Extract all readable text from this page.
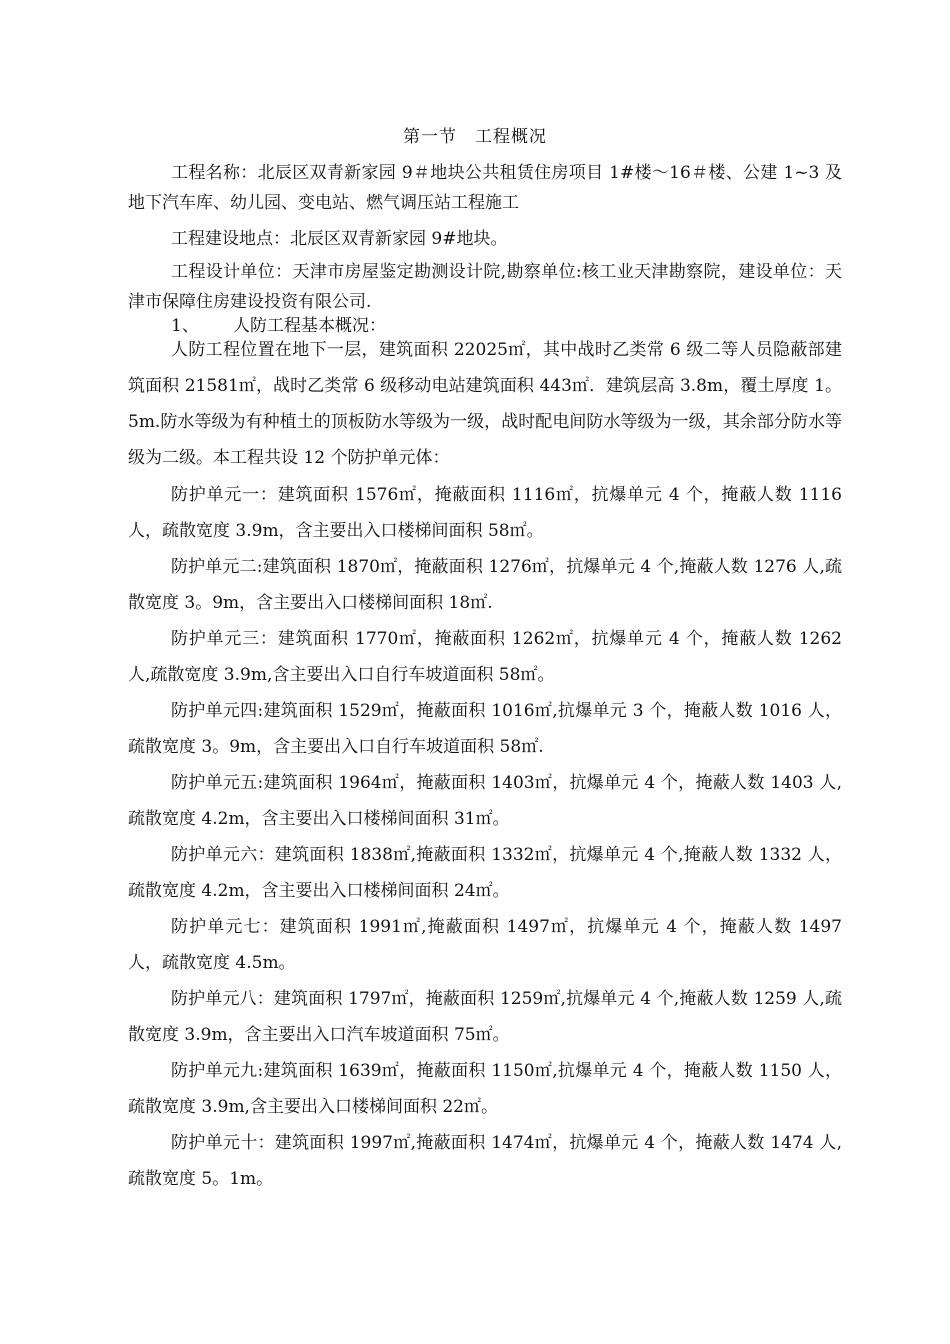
第一节 工程概况
工程名称：北辰区双青新家园 9＃地块公共租赁住房项目 1#楼～16＃楼、公建 1~3 及地下汽车库、幼儿园、变电站、燃气调压站工程施工
工程建设地点：北辰区双青新家园 9#地块。
工程设计单位：天津市房屋鉴定勘测设计院,勘察单位:核工业天津勘察院，建设单位：天津市保障住房建设投资有限公司.
1、 人防工程基本概况：
人防工程位置在地下一层，建筑面积 22025㎡，其中战时乙类常 6 级二等人员隐蔽部建筑面积 21581㎡，战时乙类常 6 级移动电站建筑面积 443㎡．建筑层高 3.8m，覆土厚度 1。5m.防水等级为有种植土的顶板防水等级为一级，战时配电间防水等级为一级，其余部分防水等级为二级。本工程共设 12 个防护单元体：
防护单元一：建筑面积 1576㎡，掩蔽面积 1116㎡，抗爆单元 4 个，掩蔽人数 1116 人，疏散宽度 3.9m，含主要出入口楼梯间面积 58㎡。
防护单元二:建筑面积 1870㎡，掩蔽面积 1276㎡，抗爆单元 4 个,掩蔽人数 1276 人,疏散宽度 3。9m，含主要出入口楼梯间面积 18㎡.
防护单元三：建筑面积 1770㎡，掩蔽面积 1262㎡，抗爆单元 4 个，掩蔽人数 1262 人,疏散宽度 3.9m,含主要出入口自行车坡道面积 58㎡。
防护单元四:建筑面积 1529㎡，掩蔽面积 1016㎡,抗爆单元 3 个，掩蔽人数 1016 人，疏散宽度 3。9m，含主要出入口自行车坡道面积 58㎡.
防护单元五:建筑面积 1964㎡，掩蔽面积 1403㎡，抗爆单元 4 个，掩蔽人数 1403 人,疏散宽度 4.2m，含主要出入口楼梯间面积 31㎡。
防护单元六：建筑面积 1838㎡,掩蔽面积 1332㎡，抗爆单元 4 个,掩蔽人数 1332 人，疏散宽度 4.2m，含主要出入口楼梯间面积 24㎡。
防护单元七：建筑面积 1991㎡,掩蔽面积 1497㎡，抗爆单元 4 个，掩蔽人数 1497 人，疏散宽度 4.5m。
防护单元八：建筑面积 1797㎡，掩蔽面积 1259㎡,抗爆单元 4 个,掩蔽人数 1259 人,疏散宽度 3.9m，含主要出入口汽车坡道面积 75㎡。
防护单元九:建筑面积 1639㎡，掩蔽面积 1150㎡,抗爆单元 4 个，掩蔽人数 1150 人，疏散宽度 3.9m,含主要出入口楼梯间面积 22㎡。
防护单元十：建筑面积 1997㎡,掩蔽面积 1474㎡，抗爆单元 4 个，掩蔽人数 1474 人,疏散宽度 5。1m。
